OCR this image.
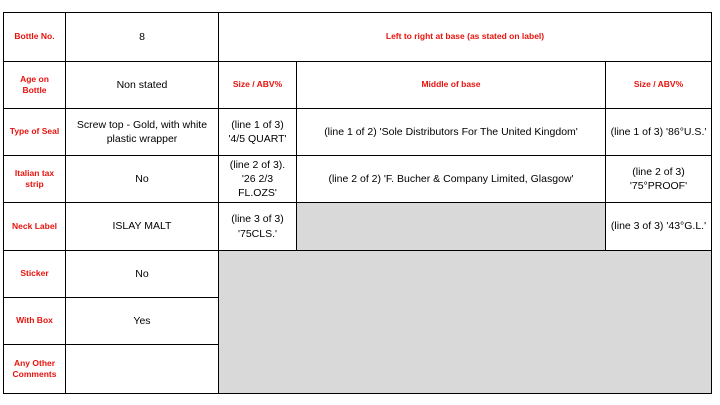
Bottle No.
Age on Bottle
Type of Seal
Italian tax strip
Neck Label
Sticker
With Box
Any Other Comments
8
Non stated
Screw top - Gold, with white plastic wrapper
No
ISLAY MALT
No
Yes
Left to right at base (as stated on label)
Size / ABV%	Middle of base	Size / ABV%
(line 1 of 3) '4/5 QUART'
(line 2 of 3). '26 2/3 FL.OZS'
(line 3 of 3) '75CLS.'
(line 1 of 2) 'Sole Distributors For The United Kingdom'
(line 2 of 2) 'F. Bucher & Company Limited, Glasgow'
(line 1 of 3) '86°U.S.'
(line 2 of 3) '75°PROOF'
(line 3 of 3) '43°G.L.'
